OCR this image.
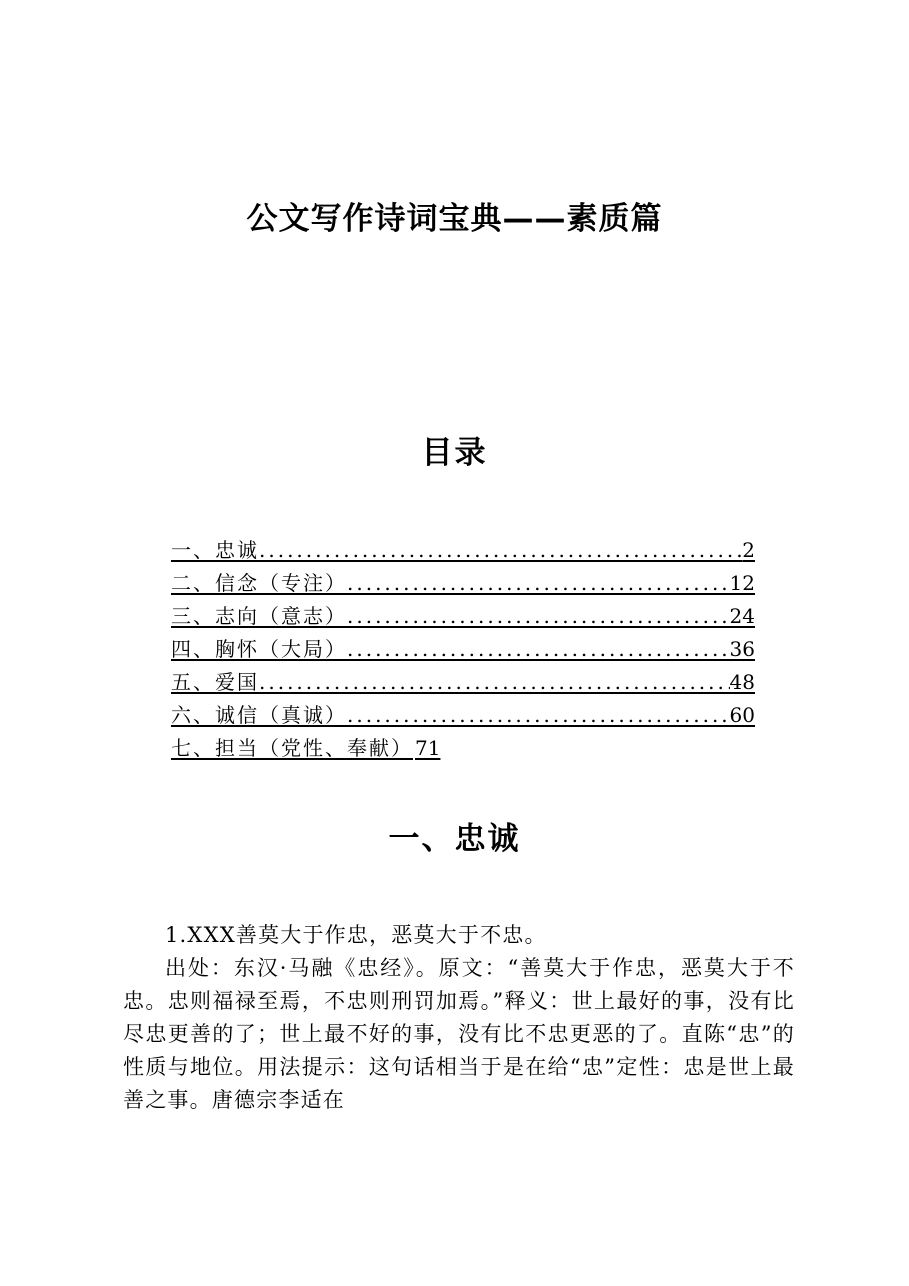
公文写作诗词宝典——素质篇
目录
一、忠诚 .....	2
二、信念（专注） .....	12
三、志向（意志） .....	24
四、胸怀（大局） .....	36
五、爱国 .....	48
六、诚信（真诚） .....	60
七、担当（党性、奉献） 71
一、忠诚

1.XXX善莫大于作忠，恶莫大于不忠。

出处：东汉·马融《忠经》。原文：“善莫大于作忠，恶莫大于不忠。忠则福禄至焉，不忠则刑罚加焉。”释义：世上最好的事，没有比尽忠更善的了；世上最不好的事，没有比不忠更恶的了。直陈“忠”的性质与地位。用法提示：这句话相当于是在给“忠”定性：忠是世上最善之事。唐德宗李适在
